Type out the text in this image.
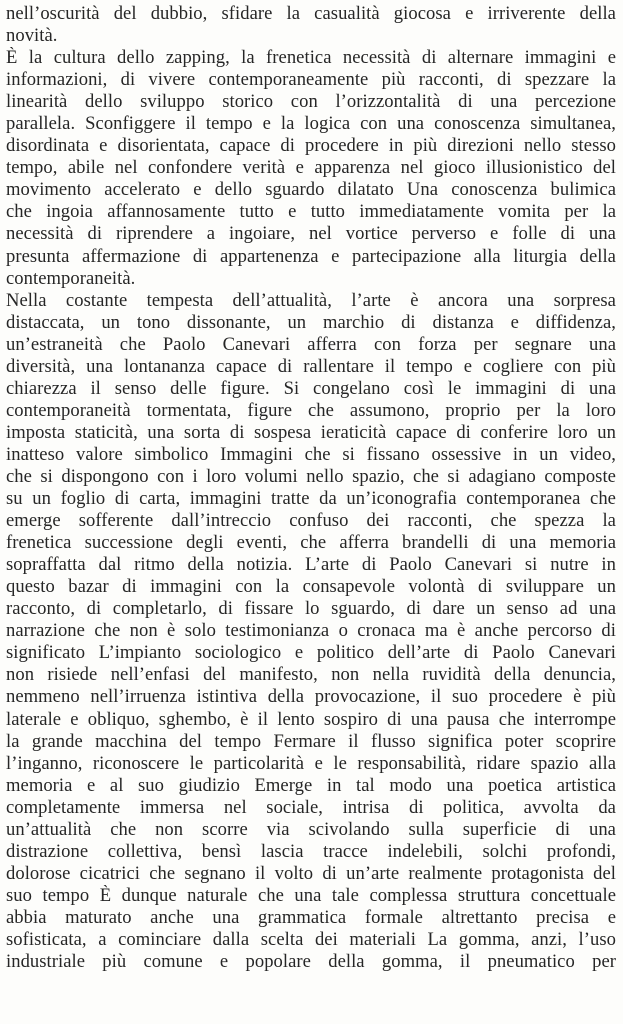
nell’oscurità del dubbio, sfidare la casualità giocosa e irriverente della
novità.
È la cultura dello zapping, la frenetica necessità di alternare immagini e
informazioni, di vivere contemporaneamente più racconti, di spezzare la
linearità dello sviluppo storico con l’orizzontalità di una percezione
parallela. Sconfiggere il tempo e la logica con una conoscenza simultanea,
disordinata e disorientata, capace di procedere in più direzioni nello stesso
tempo, abile nel confondere verità e apparenza nel gioco illusionistico del
movimento accelerato e dello sguardo dilatato Una conoscenza bulimica
che ingoia affannosamente tutto e tutto immediatamente vomita per la
necessità di riprendere a ingoiare, nel vortice perverso e folle di una
presunta affermazione di appartenenza e partecipazione alla liturgia della
contemporaneità.
Nella costante tempesta dell’attualità, l’arte è ancora una sorpresa
distaccata, un tono dissonante, un marchio di distanza e diffidenza,
un’estraneità che Paolo Canevari afferra con forza per segnare una
diversità, una lontananza capace di rallentare il tempo e cogliere con più
chiarezza il senso delle figure. Si congelano così le immagini di una
contemporaneità tormentata, figure che assumono, proprio per la loro
imposta staticità, una sorta di sospesa ieraticità capace di conferire loro un
inatteso valore simbolico Immagini che si fissano ossessive in un video,
che si dispongono con i loro volumi nello spazio, che si adagiano composte
su un foglio di carta, immagini tratte da un’iconografia contemporanea che
emerge sofferente dall’intreccio confuso dei racconti, che spezza la
frenetica successione degli eventi, che afferra brandelli di una memoria
sopraffatta dal ritmo della notizia. L’arte di Paolo Canevari si nutre in
questo bazar di immagini con la consapevole volontà di sviluppare un
racconto, di completarlo, di fissare lo sguardo, di dare un senso ad una
narrazione che non è solo testimonianza o cronaca ma è anche percorso di
significato L’impianto sociologico e politico dell’arte di Paolo Canevari
non risiede nell’enfasi del manifesto, non nella ruvidità della denuncia,
nemmeno nell’irruenza istintiva della provocazione, il suo procedere è più
laterale e obliquo, sghembo, è il lento sospiro di una pausa che interrompe
la grande macchina del tempo Fermare il flusso significa poter scoprire
l’inganno, riconoscere le particolarità e le responsabilità, ridare spazio alla
memoria e al suo giudizio Emerge in tal modo una poetica artistica
completamente immersa nel sociale, intrisa di politica, avvolta da
un’attualità che non scorre via scivolando sulla superficie di una
distrazione collettiva, bensì lascia tracce indelebili, solchi profondi,
dolorose cicatrici che segnano il volto di un’arte realmente protagonista del
suo tempo È dunque naturale che una tale complessa struttura concettuale
abbia maturato anche una grammatica formale altrettanto precisa e
sofisticata, a cominciare dalla scelta dei materiali La gomma, anzi, l’uso
industriale più comune e popolare della gomma, il pneumatico per
